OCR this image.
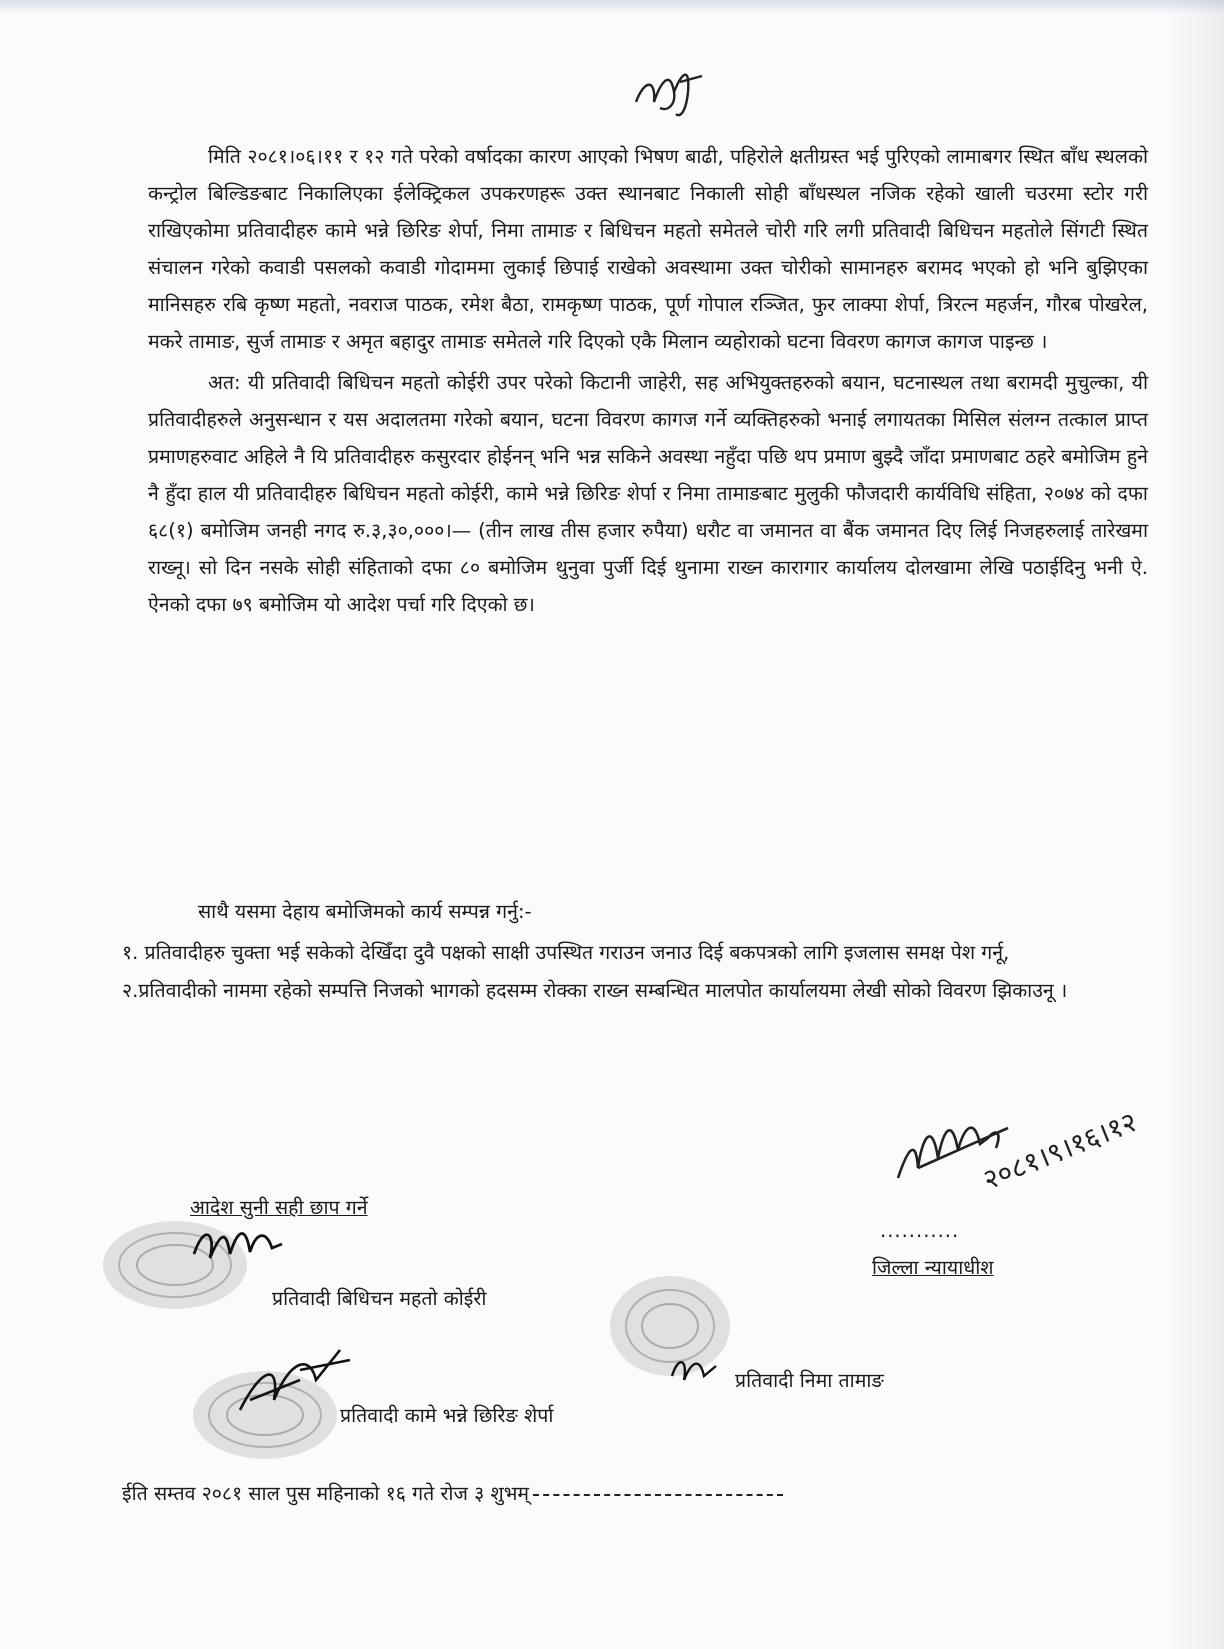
मिति २०८१।०६।११ र १२ गते परेको वर्षादका कारण आएको भिषण बाढी, पहिरोले क्षतीग्रस्त भई पुरिएको लामाबगर स्थित बाँध स्थलको कन्ट्रोल बिल्डिङबाट निकालिएका ईलेक्ट्रिकल उपकरणहरू उक्त स्थानबाट निकाली सोही बाँधस्थल नजिक रहेको खाली चउरमा स्टोर गरी राखिएकोमा प्रतिवादीहरु कामे भन्ने छिरिङ शेर्पा, निमा तामाङ र बिधिचन महतो समेतले चोरी गरि लगी प्रतिवादी बिधिचन महतोले सिंगटी स्थित संचालन गरेको कवाडी पसलको कवाडी गोदाममा लुकाई छिपाई राखेको अवस्थामा उक्त चोरीको सामानहरु बरामद भएको हो भनि बुझिएका मानिसहरु रबि कृष्ण महतो, नवराज पाठक, रमेश बैठा, रामकृष्ण पाठक, पूर्ण गोपाल रञ्जित, फुर लाक्पा शेर्पा, त्रिरत्न महर्जन, गौरब पोखरेल, मकरे तामाङ, सुर्ज तामाङ र अमृत बहादुर तामाङ समेतले गरि दिएको एकै मिलान व्यहोराको घटना विवरण कागज कागज पाइन्छ ।

अत: यी प्रतिवादी बिधिचन महतो कोईरी उपर परेको किटानी जाहेरी, सह अभियुक्तहरुको बयान, घटनास्थल तथा बरामदी मुचुल्का, यी प्रतिवादीहरुले अनुसन्धान र यस अदालतमा गरेको बयान, घटना विवरण कागज गर्ने व्यक्तिहरुको भनाई लगायतका मिसिल संलग्न तत्काल प्राप्त प्रमाणहरुवाट अहिले नै यि प्रतिवादीहरु कसुरदार होईनन् भनि भन्न सकिने अवस्था नहुँदा पछि थप प्रमाण बुझ्दै जाँदा प्रमाणबाट ठहरे बमोजिम हुने नै हुँदा हाल यी प्रतिवादीहरु बिधिचन महतो कोईरी, कामे भन्ने छिरिङ शेर्पा र निमा तामाङबाट मुलुकी फौजदारी कार्यविधि संहिता, २०७४ को दफा ६८(१) बमोजिम जनही नगद रु.३,३०,०००।— (तीन लाख तीस हजार रुपैया) धरौट वा जमानत वा बैंक जमानत दिए लिई निजहरुलाई तारेखमा राख्नू। सो दिन नसके सोही संहिताको दफा ८० बमोजिम थुनुवा पुर्जी दिई थुनामा राख्न कारागार कार्यालय दोलखामा लेखि पठाईदिनु भनी ऐ. ऐनको दफा ७९ बमोजिम यो आदेश पर्चा गरि दिएको छ।

साथै यसमा देहाय बमोजिमको कार्य सम्पन्न गर्नु:-

१. प्रतिवादीहरु चुक्ता भई सकेको देखिँदा दुवै पक्षको साक्षी उपस्थित गराउन जनाउ दिई बकपत्रको लागि इजलास समक्ष पेश गर्नू,

२.प्रतिवादीको नाममा रहेको सम्पत्ति निजको भागको हदसम्म रोक्का राख्न सम्बन्धित मालपोत कार्यालयमा लेखी सोको विवरण झिकाउनू ।

२०८१।९।१६।१२
आदेश सुनी सही छाप गर्ने
...........
जिल्ला न्यायाधीश
प्रतिवादी बिधिचन महतो कोईरी
प्रतिवादी निमा तामाङ
प्रतिवादी कामे भन्ने छिरिङ शेर्पा
ईति सम्तव २०८१ साल पुस महिनाको १६ गते रोज ३ शुभम्
